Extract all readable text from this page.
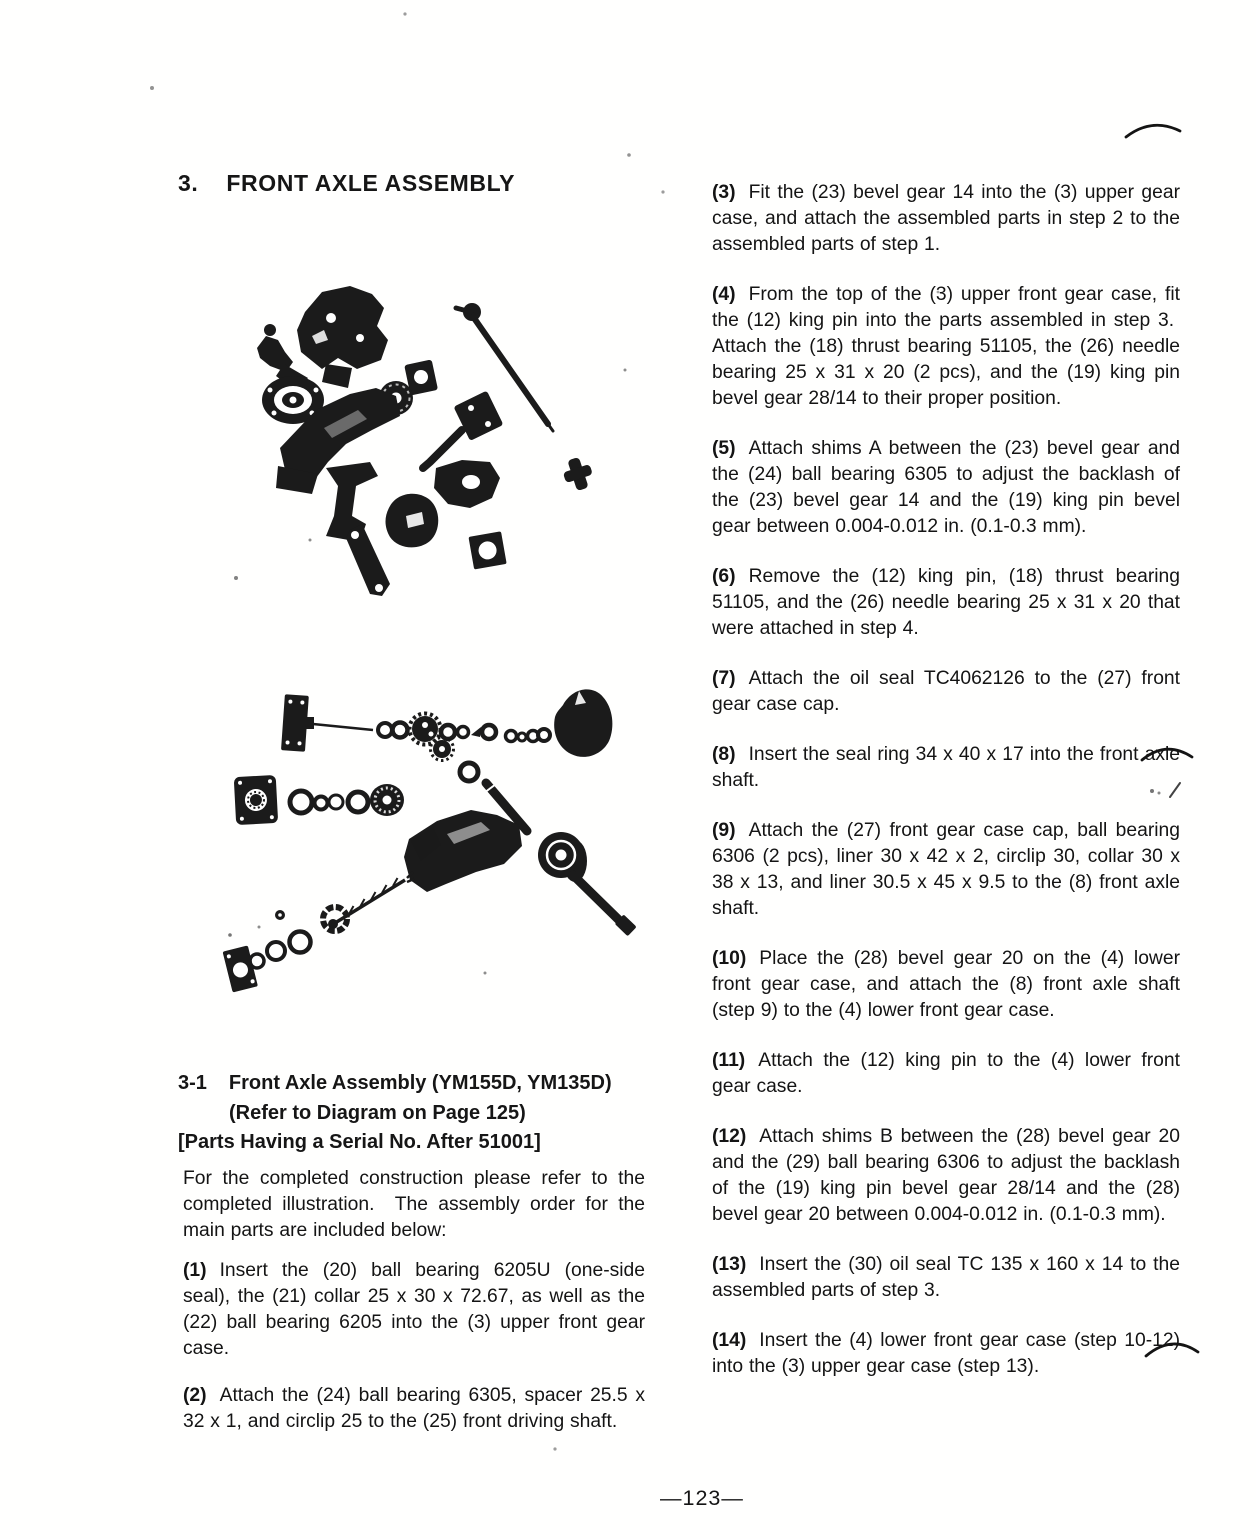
3. FRONT AXLE ASSEMBLY
3-1 Front Axle Assembly (YM155D, YM135D)
(Refer to Diagram on Page 125)
[Parts Having a Serial No. After 51001]

For the completed construction please refer to the completed illustration.  The assembly order for the main parts are included below:

(1) Insert the (20) ball bearing 6205U (one-side seal), the (21) collar 25 x 30 x 72.67, as well as the (22) ball bearing 6205 into the (3) upper front gear case.

(2) Attach the (24) ball bearing 6305, spacer 25.5 x 32 x 1, and circlip 25 to the (25) front driving shaft.

(3) Fit the (23) bevel gear 14 into the (3) upper gear case, and attach the assembled parts in step 2 to the assembled parts of step 1.

(4) From the top of the (3) upper front gear case, fit the (12) king pin into the parts assembled in step 3.  Attach the (18) thrust bearing 51105, the (26) needle bearing 25 x 31 x 20 (2 pcs), and the (19) king pin bevel gear 28/14 to their proper position.

(5) Attach shims A between the (23) bevel gear and the (24) ball bearing 6305 to adjust the backlash of the (23) bevel gear 14 and the (19) king pin bevel gear between 0.004-0.012 in. (0.1-0.3 mm).

(6) Remove the (12) king pin, (18) thrust bearing 51105, and the (26) needle bearing 25 x 31 x 20 that were attached in step 4.

(7) Attach the oil seal TC4062126 to the (27) front gear case cap.

(8) Insert the seal ring 34 x 40 x 17 into the front axle shaft.

(9) Attach the (27) front gear case cap, ball bearing 6306 (2 pcs), liner 30 x 42 x 2, circlip 30, collar 30 x 38 x 13, and liner 30.5 x 45 x 9.5 to the (8) front axle shaft.

(10) Place the (28) bevel gear 20 on the (4) lower front gear case, and attach the (8) front axle shaft (step 9) to the (4) lower front gear case.

(11) Attach the (12) king pin to the (4) lower front gear case.

(12) Attach shims B between the (28) bevel gear 20 and the (29) ball bearing 6306 to adjust the backlash of the (19) king pin bevel gear 28/14 and the (28) bevel gear 20 between 0.004-0.012 in. (0.1-0.3 mm).

(13) Insert the (30) oil seal TC 135 x 160 x 14 to the assembled parts of step 3.

(14) Insert the (4) lower front gear case (step 10-12) into the (3) upper gear case (step 13).

—123—
